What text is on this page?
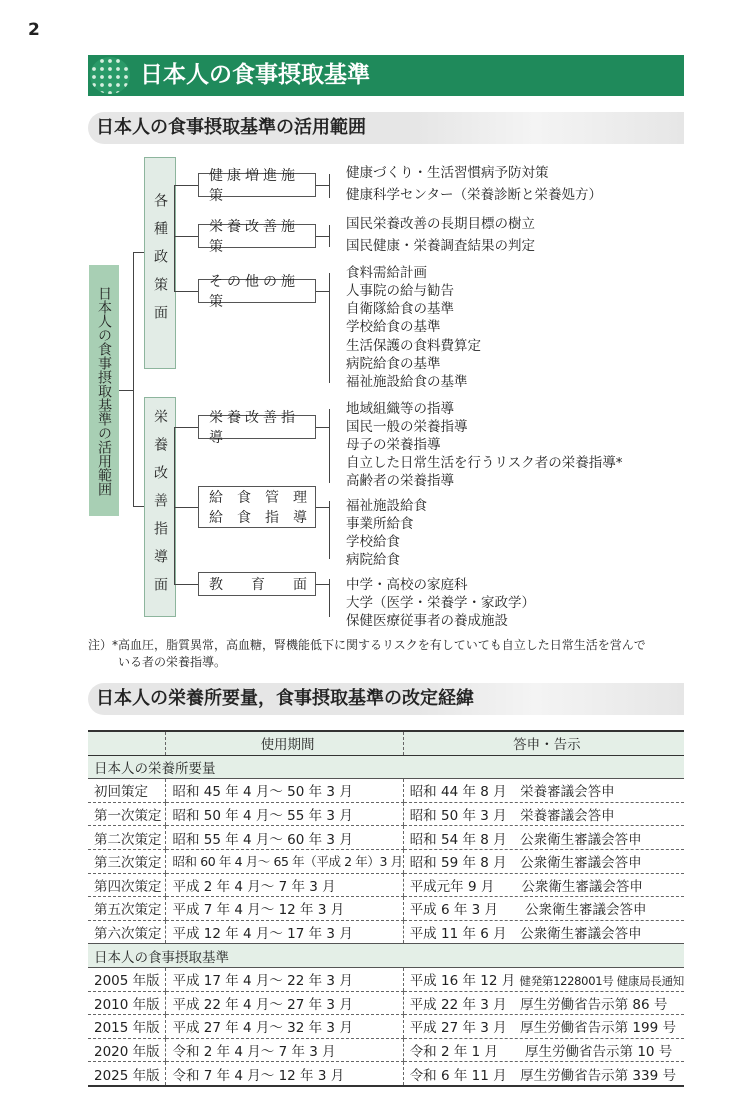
2
日本人の食事摂取基準
日本人の食事摂取基準の活用範囲
日本人の食事摂取基準の活用範囲
各種政策面
健康増進施策
栄養改善施策
その他の施策
健康づくり・生活習慣病予防対策
健康科学センター（栄養診断と栄養処方）
国民栄養改善の長期目標の樹立
国民健康・栄養調査結果の判定
食料需給計画
人事院の給与勧告
自衛隊給食の基準
学校給食の基準
生活保護の食料費算定
病院給食の基準
福祉施設給食の基準
栄養改善指導面	栄養改善指導
給　食　管　理
給　食　指　導
教　　育　　面
地域組織等の指導
国民一般の栄養指導
母子の栄養指導
自立した日常生活を行うリスク者の栄養指導*
高齢者の栄養指導
福祉施設給食
事業所給食
学校給食
病院給食
中学・高校の家庭科
大学（医学・栄養学・家政学）
保健医療従事者の養成施設
注）*高血圧，脂質異常，高血糖，腎機能低下に関するリスクを有していても自立した日常生活を営んで
いる者の栄養指導。
日本人の栄養所要量，食事摂取基準の改定経緯
	使用期間	答申・告示
日本人の栄養所要量		
初回策定	昭和 45 年 4 月～ 50 年 3 月	昭和 44 年 8 月　栄養審議会答申
第一次策定	昭和 50 年 4 月～ 55 年 3 月	昭和 50 年 3 月　栄養審議会答申
第二次策定	昭和 55 年 4 月～ 60 年 3 月	昭和 54 年 8 月　公衆衛生審議会答申
第三次策定	昭和 60 年 4 月～ 65 年（平成 2 年）3 月	昭和 59 年 8 月　公衆衛生審議会答申
第四次策定	平成 2 年 4 月～ 7 年 3 月	平成元年 9 月　　公衆衛生審議会答申
第五次策定	平成 7 年 4 月～ 12 年 3 月	平成 6 年 3 月　　公衆衛生審議会答申
第六次策定	平成 12 年 4 月～ 17 年 3 月	平成 11 年 6 月　公衆衛生審議会答申
日本人の食事摂取基準		
2005 年版	平成 17 年 4 月～ 22 年 3 月	平成 16 年 12 月 健発第1228001号 健康局長通知
2010 年版	平成 22 年 4 月～ 27 年 3 月	平成 22 年 3 月　厚生労働省告示第 86 号
2015 年版	平成 27 年 4 月～ 32 年 3 月	平成 27 年 3 月　厚生労働省告示第 199 号
2020 年版	令和 2 年 4 月～ 7 年 3 月	令和 2 年 1 月　　厚生労働省告示第 10 号
2025 年版	令和 7 年 4 月～ 12 年 3 月	令和 6 年 11 月　厚生労働省告示第 339 号
